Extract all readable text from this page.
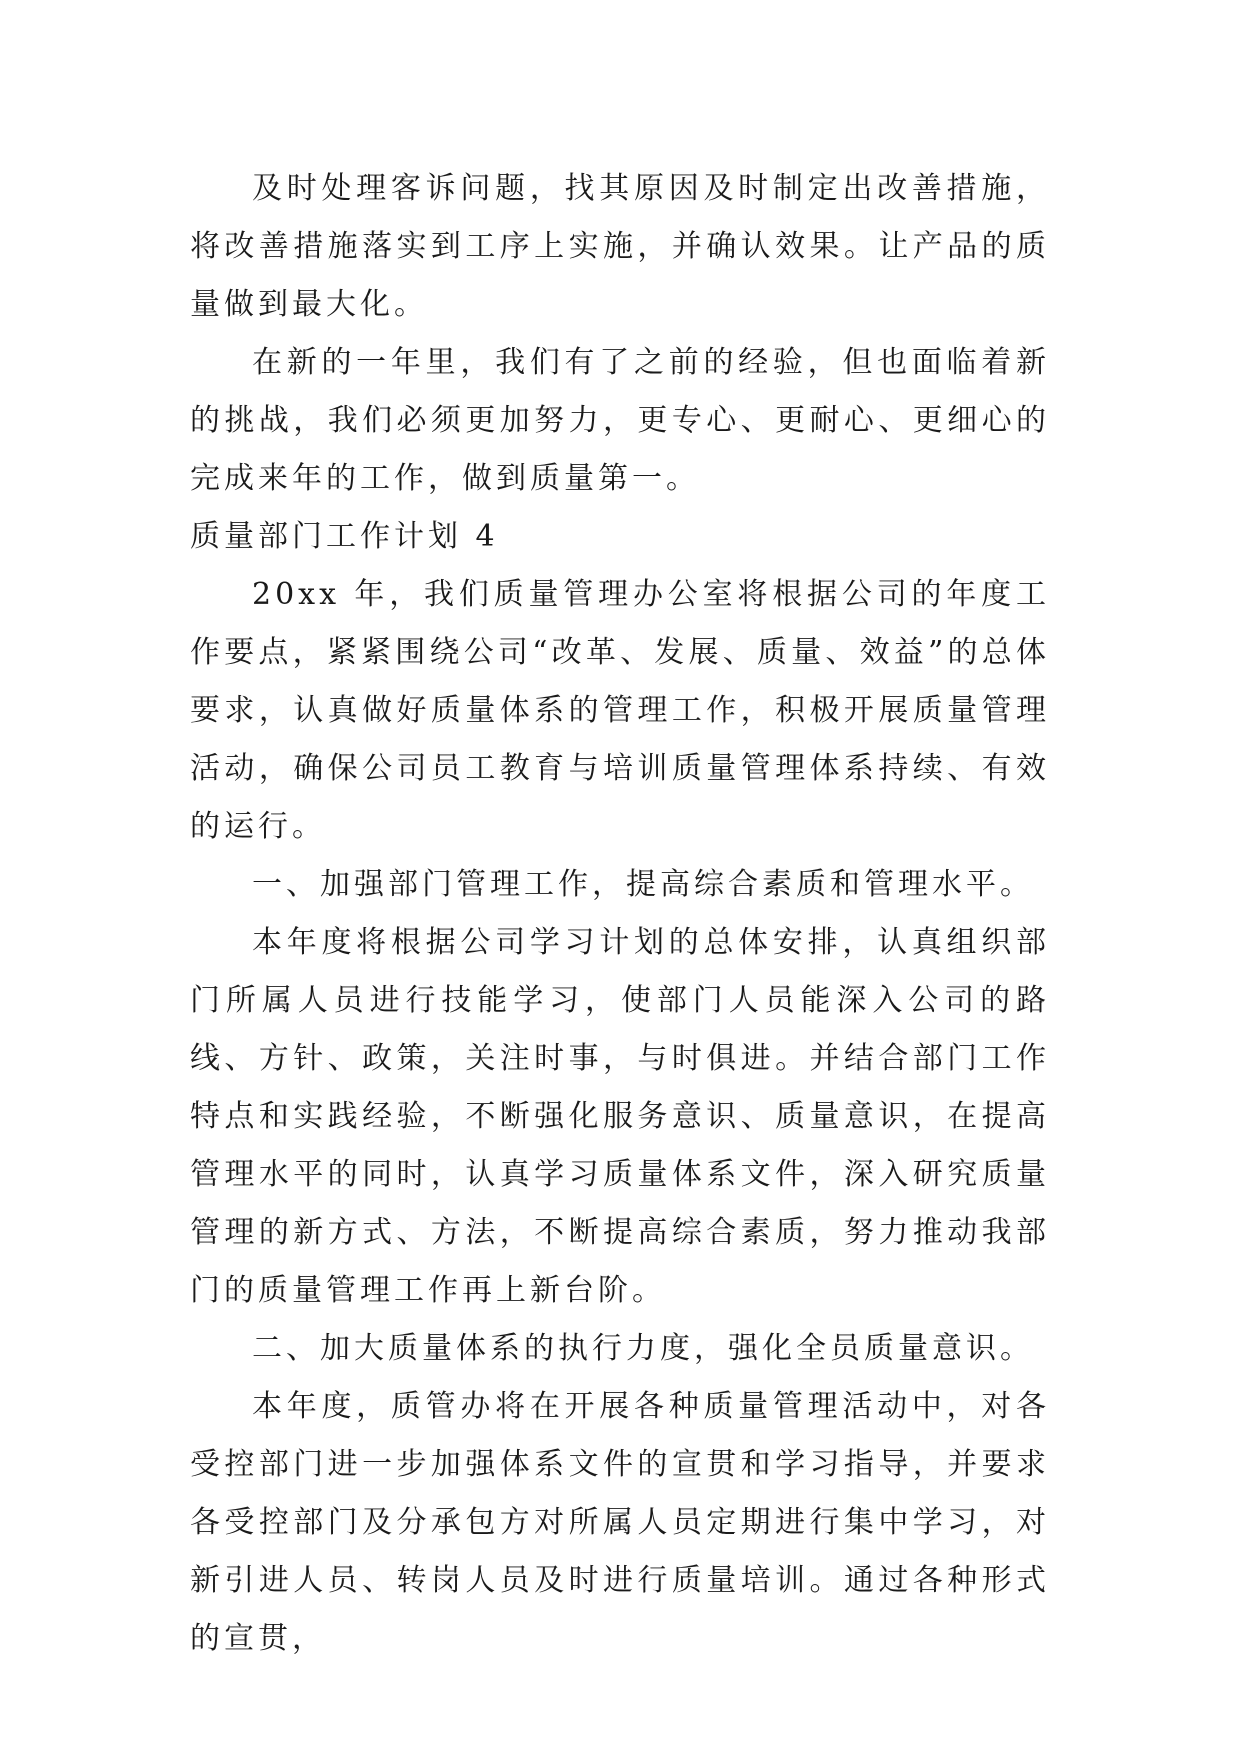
及时处理客诉问题，找其原因及时制定出改善措施，将改善措施落实到工序上实施，并确认效果。让产品的质量做到最大化。

在新的一年里，我们有了之前的经验，但也面临着新的挑战，我们必须更加努力，更专心、更耐心、更细心的完成来年的工作，做到质量第一。

质量部门工作计划 4

20xx 年，我们质量管理办公室将根据公司的年度工作要点，紧紧围绕公司“改革、发展、质量、效益”的总体要求，认真做好质量体系的管理工作，积极开展质量管理活动，确保公司员工教育与培训质量管理体系持续、有效的运行。

一、加强部门管理工作，提高综合素质和管理水平。

本年度将根据公司学习计划的总体安排，认真组织部门所属人员进行技能学习，使部门人员能深入公司的路线、方针、政策，关注时事，与时俱进。并结合部门工作特点和实践经验，不断强化服务意识、质量意识，在提高管理水平的同时，认真学习质量体系文件，深入研究质量管理的新方式、方法，不断提高综合素质，努力推动我部门的质量管理工作再上新台阶。

二、加大质量体系的执行力度，强化全员质量意识。

本年度，质管办将在开展各种质量管理活动中，对各受控部门进一步加强体系文件的宣贯和学习指导，并要求各受控部门及分承包方对所属人员定期进行集中学习，对新引进人员、转岗人员及时进行质量培训。通过各种形式的宣贯，
